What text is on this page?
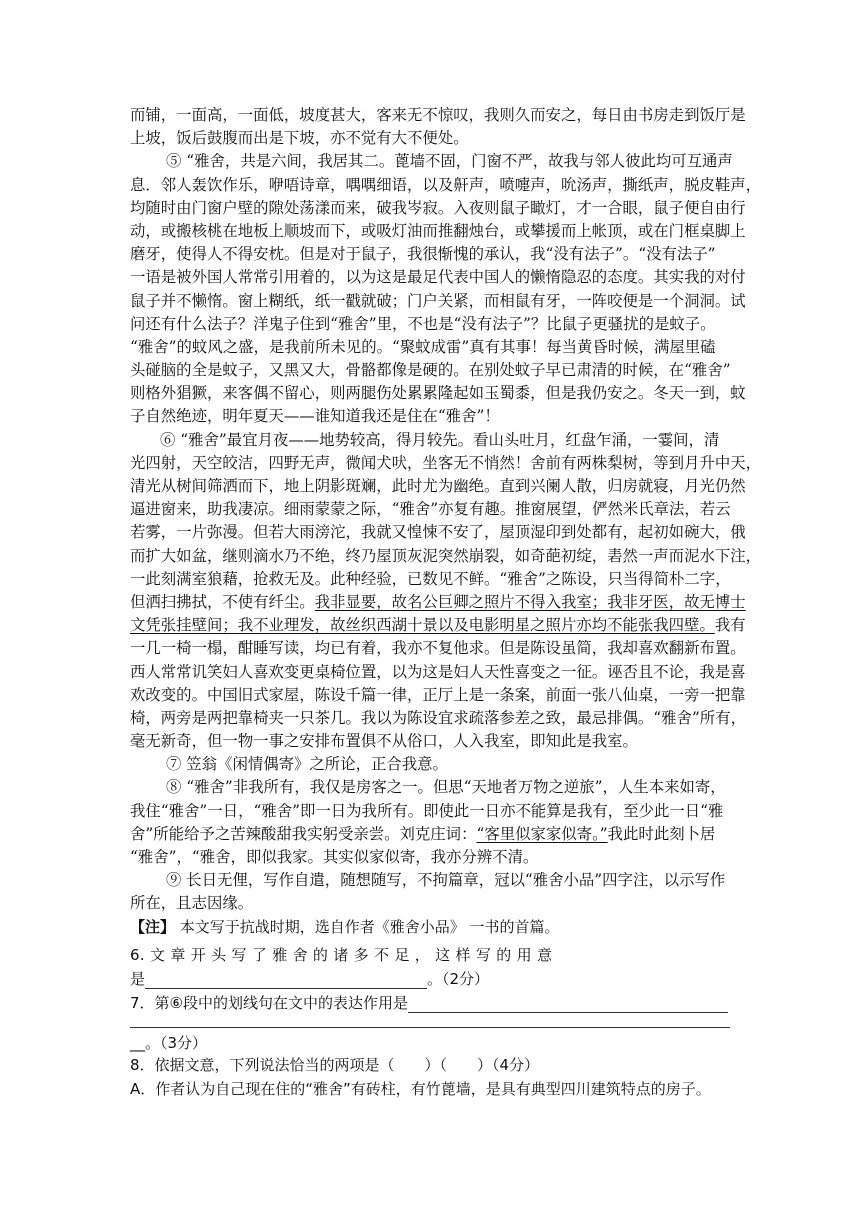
而铺，一面高，一面低，坡度甚大，客来无不惊叹，我则久而安之，每日由书房走到饭厅是
上坡，饭后鼓腹而出是下坡，亦不觉有大不便处。
⑤ “雅舍，共是六间，我居其二。蓖墙不固，门窗不严，故我与邻人彼此均可互通声
息．邻人轰饮作乐，咿唔诗章，喁喁细语，以及鼾声，喷嚏声，吮汤声，撕纸声，脱皮鞋声，
均随时由门窗户壁的隙处荡漾而来，破我岑寂。入夜则鼠子瞰灯，才一合眼，鼠子便自由行
动，或搬核桃在地板上顺坡而下，或吸灯油而推翻烛台，或攀援而上帐顶，或在门框桌脚上
磨牙，使得人不得安枕。但是对于鼠子，我很惭愧的承认，我“没有法子”。“没有法子”
一语是被外国人常常引用着的，以为这是最足代表中国人的懒惰隐忍的态度。其实我的对付
鼠子并不懒惰。窗上糊纸，纸一戳就破；门户关紧，而相鼠有牙，一阵咬便是一个洞洞。试
问还有什么法子？洋鬼子住到“雅舍”里，不也是“没有法子”？比鼠子更骚扰的是蚊子。
“雅舍”的蚊风之盛，是我前所未见的。“聚蚊成雷”真有其事！每当黄昏时候，满屋里磕
头碰脑的全是蚊子，又黑又大，骨骼都像是硬的。在别处蚊子早已肃清的时候，在“雅舍”
则格外猖獗，来客偶不留心，则两腿伤处累累隆起如玉蜀黍，但是我仍安之。冬天一到，蚊
子自然绝迹，明年夏天——谁知道我还是住在“雅舍”！
⑥ “雅舍”最宜月夜——地势较高，得月较先。看山头吐月，红盘乍涌，一霎间，清
光四射，天空皎洁，四野无声，微闻犬吠，坐客无不悄然！舍前有两株梨树，等到月升中天，
清光从树间筛洒而下，地上阴影斑斓，此时尤为幽绝。直到兴阑人散，归房就寝，月光仍然
逼进窗来，助我凄凉。细雨蒙蒙之际，“雅舍”亦复有趣。推窗展望，俨然米氏章法，若云
若雾，一片弥漫。但若大雨滂沱，我就又惶悚不安了，屋顶湿印到处都有，起初如碗大，俄
而扩大如盆，继则滴水乃不绝，终乃屋顶灰泥突然崩裂，如奇葩初绽，砉然一声而泥水下注，
一此刻满室狼藉，抢救无及。此种经验，已数见不鲜。“雅舍”之陈设，只当得简朴二字，
但洒扫拂拭，不使有纤尘。我非显要，故名公巨卿之照片不得入我室；我非牙医，故无博士
文凭张挂壁间；我不业理发，故丝织西湖十景以及电影明星之照片亦均不能张我四壁。我有
一几一椅一榻，酣睡写读，均已有着，我亦不复他求。但是陈设虽简，我却喜欢翻新布置。
西人常常讥笑妇人喜欢变更桌椅位置，以为这是妇人天性喜变之一征。诬否且不论，我是喜
欢改变的。中国旧式家屋，陈设千篇一律，正厅上是一条案，前面一张八仙桌，一旁一把靠
椅，两旁是两把靠椅夹一只茶几。我以为陈设宜求疏落参差之致，最忌排偶。“雅舍”所有，
毫无新奇，但一物一事之安排布置俱不从俗口，人入我室，即知此是我室。
⑦ 笠翁《闲情偶寄》之所论，正合我意。
⑧ “雅舍”非我所有，我仅是房客之一。但思“天地者万物之逆旅”，人生本来如寄，
我住“雅舍”一日，“雅舍”即一日为我所有。即使此一日亦不能算是我有，至少此一日“雅
舍”所能给予之苦辣酸甜我实躬受亲尝。刘克庄词：“客里似家家似寄。”我此时此刻卜居
“雅舍”，“雅舍，即似我家。其实似家似寄，我亦分辨不清。
⑨ 长日无俚，写作自遣，随想随写，不拘篇章，冠以“雅舍小品”四字注，以示写作
所在，且志因缘。
【注】 本文写于抗战时期，选自作者《雅舍小品》 一书的首篇。
6. 文 章 开 头 写 了 雅 舍 的 诸 多 不 足 ， 这 样 写 的 用 意
是	。（2分）
7．第⑥段中的划线句在文中的表达作用是
__。（3分）
8．依据文意，下列说法恰当的两项是（　　）（　　）（4分）
A．作者认为自己现在住的“雅舍”有砖柱，有竹蓖墙，是具有典型四川建筑特点的房子。
